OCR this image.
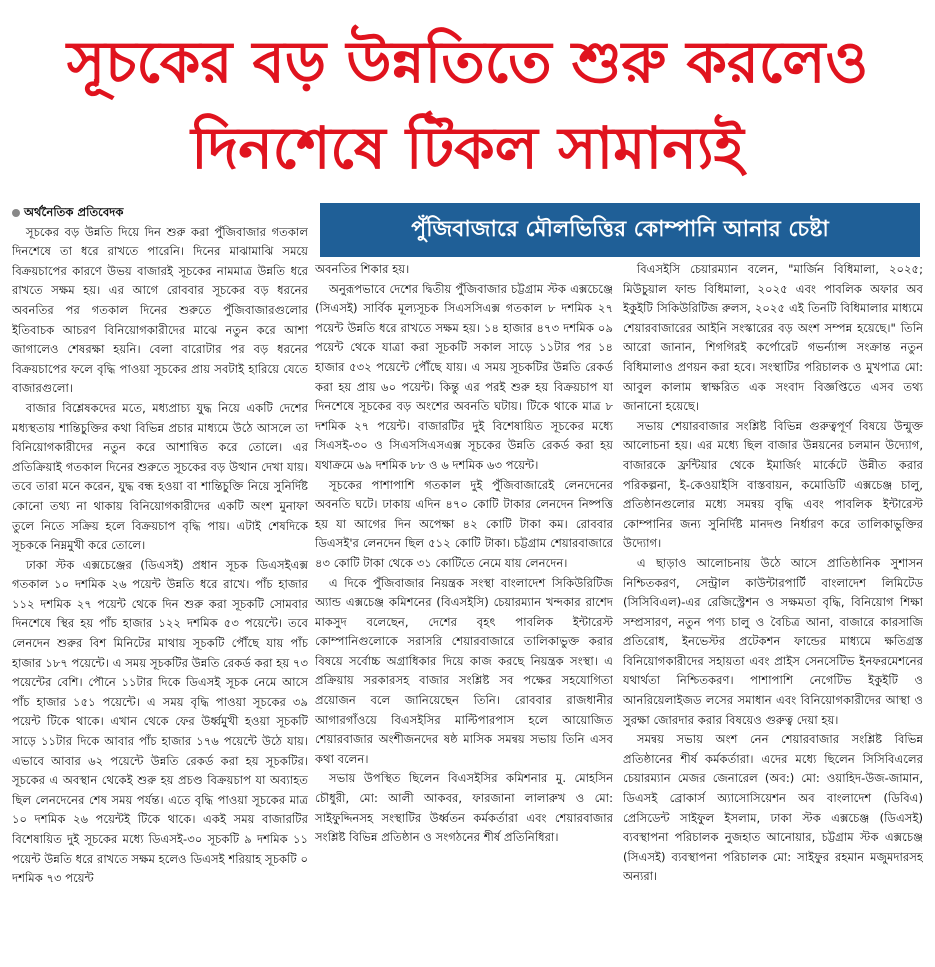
সূচকের বড় উন্নতিতে শুরু করলেও
দিনশেষে টিকল সামান্যই
পুঁজিবাজারে মৌলভিত্তির কোম্পানি আনার চেষ্টা

অর্থনৈতিক প্রতিবেদক

সূচকের বড় উন্নতি দিয়ে দিন শুরু করা পুঁজিবাজার গতকাল দিনশেষে তা ধরে রাখতে পারেনি। দিনের মাঝামাঝি সময়ে বিক্রয়চাপের কারণে উভয় বাজারই সূচকের নামমাত্র উন্নতি ধরে রাখতে সক্ষম হয়। এর আগে রোববার সূচকের বড় ধরনের অবনতির পর গতকাল দিনের শুরুতে পুঁজিবাজারগুলোর ইতিবাচক আচরণ বিনিয়োগকারীদের মাঝে নতুন করে আশা জাগালেও শেষরক্ষা হয়নি। বেলা বারোটার পর বড় ধরনের বিক্রয়চাপের ফলে বৃদ্ধি পাওয়া সূচকের প্রায় সবটাই হারিয়ে যেতে বাজারগুলো।

বাজার বিশ্লেষকদের মতে, মধ্যপ্রাচ্য যুদ্ধ নিয়ে একটি দেশের মধ্যস্থতায় শান্তিচুক্তির কথা বিভিন্ন প্রচার মাধ্যমে উঠে আসলে তা বিনিয়োগকারীদের নতুন করে আশান্বিত করে তোলে। এর প্রতিক্রিয়াই গতকাল দিনের শুরুতে সূচকের বড় উত্থান দেখা যায়। তবে তারা মনে করেন, যুদ্ধ বন্ধ হওয়া বা শান্তিচুক্তি নিয়ে সুনির্দিষ্ট কোনো তথ্য না থাকায় বিনিয়োগকারীদের একটি অংশ মুনাফা তুলে নিতে সক্রিয় হলে বিক্রয়চাপ বৃদ্ধি পায়। এটাই শেষদিকে সূচককে নিম্নমুখী করে তোলে।

ঢাকা স্টক এক্সচেঞ্জের (ডিএসই) প্রধান সূচক ডিএসইএক্স গতকাল ১০ দশমিক ২৬ পয়েন্ট উন্নতি ধরে রাখে। পাঁচ হাজার ১১২ দশমিক ২৭ পয়েন্ট থেকে দিন শুরু করা সূচকটি সোমবার দিনশেষে স্থির হয় পাঁচ হাজার ১২২ দশমিক ৫৩ পয়েন্টে। তবে লেনদেন শুরুর বিশ মিনিটের মাথায় সূচকটি পৌঁছে যায় পাঁচ হাজার ১৮৭ পয়েন্টে। এ সময় সূচকটির উন্নতি রেকর্ড করা হয় ৭৩ পয়েন্টের বেশি। পৌনে ১১টার দিকে ডিএসই সূচক নেমে আসে পাঁচ হাজার ১৫১ পয়েন্টে। এ সময় বৃদ্ধি পাওয়া সূচকের ৩৯ পয়েন্ট টিকে থাকে। এখান থেকে ফের উর্ধ্বমুখী হওয়া সূচকটি সাড়ে ১১টার দিকে আবার পাঁচ হাজার ১৭৬ পয়েন্টে উঠে যায়। এভাবে আবার ৬২ পয়েন্টে উন্নতি রেকর্ড করা হয় সূচকটির। সূচকের এ অবস্থান থেকেই শুরু হয় প্রচণ্ড বিক্রয়চাপ যা অব্যাহত ছিল লেনদেনের শেষ সময় পর্যন্ত। এতে বৃদ্ধি পাওয়া সূচকের মাত্র ১০ দশমিক ২৬ পয়েন্টই টিকে থাকে। একই সময় বাজারটির বিশেষায়িত দুই সূচকের মধ্যে ডিএসই-৩০ সূচকটি ৯ দশমিক ১১ পয়েন্ট উন্নতি ধরে রাখতে সক্ষম হলেও ডিএসই শরিয়াহ সূচকটি ০ দশমিক ৭৩ পয়েন্ট

অবনতির শিকার হয়।

অনুরূপভাবে দেশের দ্বিতীয় পুঁজিবাজার চট্টগ্রাম স্টক এক্সচেঞ্জে (সিএসই) সার্বিক মূল্যসূচক সিএসসিএক্স গতকাল ৮ দশমিক ২৭ পয়েন্ট উন্নতি ধরে রাখতে সক্ষম হয়। ১৪ হাজার ৪৭৩ দশমিক ০৯ পয়েন্ট থেকে যাত্রা করা সূচকটি সকাল সাড়ে ১১টার পর ১৪ হাজার ৫৩২ পয়েন্টে পৌঁছে যায়। এ সময় সূচকটির উন্নতি রেকর্ড করা হয় প্রায় ৬০ পয়েন্ট। কিন্তু এর পরই শুরু হয় বিক্রয়চাপ যা দিনশেষে সূচকের বড় অংশের অবনতি ঘটায়। টিকে থাকে মাত্র ৮ দশমিক ২৭ পয়েন্ট। বাজারটির দুই বিশেষায়িত সূচকের মধ্যে সিএসই-৩০ ও সিএসসিএসএক্স সূচকের উন্নতি রেকর্ড করা হয় যথাক্রমে ৬৯ দশমিক ৮৮ ও ৬ দশমিক ৬৩ পয়েন্ট।

সূচকের পাশাপাশি গতকাল দুই পুঁজিবাজারেই লেনদেনের অবনতি ঘটে। ঢাকায় এদিন ৪৭০ কোটি টাকার লেনদেন নিষ্পত্তি হয় যা আগের দিন অপেক্ষা ৪২ কোটি টাকা কম। রোববার ডিএসই'র লেনদেন ছিল ৫১২ কোটি টাকা। চট্টগ্রাম শেয়ারবাজারে ৪৩ কোটি টাকা থেকে ৩১ কোটিতে নেমে যায় লেনদেন।

এ দিকে পুঁজিবাজার নিয়ন্ত্রক সংস্থা বাংলাদেশ সিকিউরিটিজ অ্যান্ড এক্সচেঞ্জ কমিশনের (বিএসইসি) চেয়ারম্যান খন্দকার রাশেদ মাকসুদ বলেছেন, দেশের বৃহৎ পাবলিক ইন্টারেস্ট কোম্পানিগুলোকে সরাসরি শেয়ারবাজারে তালিকাভুক্ত করার বিষয়ে সর্বোচ্চ অগ্রাধিকার দিয়ে কাজ করছে নিয়ন্ত্রক সংস্থা। এ প্রক্রিয়ায় সরকারসহ বাজার সংশ্লিষ্ট সব পক্ষের সহযোগিতা প্রয়োজন বলে জানিয়েছেন তিনি। রোববার রাজধানীর আগারগাঁওয়ে বিএসইসির মাল্টিপারপাস হলে আয়োজিত শেয়ারবাজার অংশীজনদের ষষ্ঠ মাসিক সমন্বয় সভায় তিনি এসব কথা বলেন।

সভায় উপস্থিত ছিলেন বিএসইসির কমিশনার মু. মোহসিন চৌধুরী, মো: আলী আকবর, ফারজানা লালারুখ ও মো: সাইফুদ্দিনসহ সংস্থাটির উর্ধ্বতন কর্মকর্তারা এবং শেয়ারবাজার সংশ্লিষ্ট বিভিন্ন প্রতিষ্ঠান ও সংগঠনের শীর্ষ প্রতিনিধিরা।

বিএসইসি চেয়ারম্যান বলেন, "মার্জিন বিধিমালা, ২০২৫; মিউচুয়াল ফান্ড বিধিমালা, ২০২৫ এবং পাবলিক অফার অব ইকুইটি সিকিউরিটিজ রুলস, ২০২৫ এই তিনটি বিধিমালার মাধ্যমে শেয়ারবাজারের আইনি সংস্কারের বড় অংশ সম্পন্ন হয়েছে।" তিনি আরো জানান, শিগগিরই কর্পোরেট গভর্ন্যান্স সংক্রান্ত নতুন বিধিমালাও প্রণয়ন করা হবে। সংস্থাটির পরিচালক ও মুখপাত্র মো: আবুল কালাম স্বাক্ষরিত এক সংবাদ বিজ্ঞপ্তিতে এসব তথ্য জানানো হয়েছে।

সভায় শেয়ারবাজার সংশ্লিষ্ট বিভিন্ন গুরুত্বপূর্ণ বিষয়ে উন্মুক্ত আলোচনা হয়। এর মধ্যে ছিল বাজার উন্নয়নের চলমান উদ্যোগ, বাজারকে ফ্রন্টিয়ার থেকে ইমার্জিং মার্কেটে উন্নীত করার পরিকল্পনা, ই-কেওয়াইসি বাস্তবায়ন, কমোডিটি এক্সচেঞ্জ চালু, প্রতিষ্ঠানগুলোর মধ্যে সমন্বয় বৃদ্ধি এবং পাবলিক ইন্টারেস্ট কোম্পানির জন্য সুনির্দিষ্ট মানদণ্ড নির্ধারণ করে তালিকাভুক্তির উদ্যোগ।

এ ছাড়াও আলোচনায় উঠে আসে প্রাতিষ্ঠানিক সুশাসন নিশ্চিতকরণ, সেন্ট্রাল কাউন্টারপার্টি বাংলাদেশ লিমিটেড (সিসিবিএল)-এর রেজিস্ট্রেশন ও সক্ষমতা বৃদ্ধি, বিনিয়োগ শিক্ষা সম্প্রসারণ, নতুন পণ্য চালু ও বৈচিত্র আনা, বাজারে কারসাজি প্রতিরোধ, ইনভেস্টর প্রটেকশন ফান্ডের মাধ্যমে ক্ষতিগ্রস্ত বিনিয়োগকারীদের সহায়তা এবং প্রাইস সেনসেটিভ ইনফরমেশনের যথার্থতা নিশ্চিতকরণ। পাশাপাশি নেগেটিভ ইকুইটি ও আনরিয়েলাইজড লসের সমাধান এবং বিনিয়োগকারীদের আস্থা ও সুরক্ষা জোরদার করার বিষয়েও গুরুত্ব দেয়া হয়।

সমন্বয় সভায় অংশ নেন শেয়ারবাজার সংশ্লিষ্ট বিভিন্ন প্রতিষ্ঠানের শীর্ষ কর্মকর্তারা। এদের মধ্যে ছিলেন সিসিবিএলের চেয়ারম্যান মেজর জেনারেল (অব:) মো: ওয়াহিদ-উজ-জামান, ডিএসই ব্রোকার্স অ্যাসোসিয়েশন অব বাংলাদেশ (ডিবিএ) প্রেসিডেন্ট সাইফুল ইসলাম, ঢাকা স্টক এক্সচেঞ্জ (ডিএসই) ব্যবস্থাপনা পরিচালক নুজহাত আনোয়ার, চট্টগ্রাম স্টক এক্সচেঞ্জ (সিএসই) ব্যবস্থাপনা পরিচালক মো: সাইফুর রহমান মজুমদারসহ অন্যরা।
